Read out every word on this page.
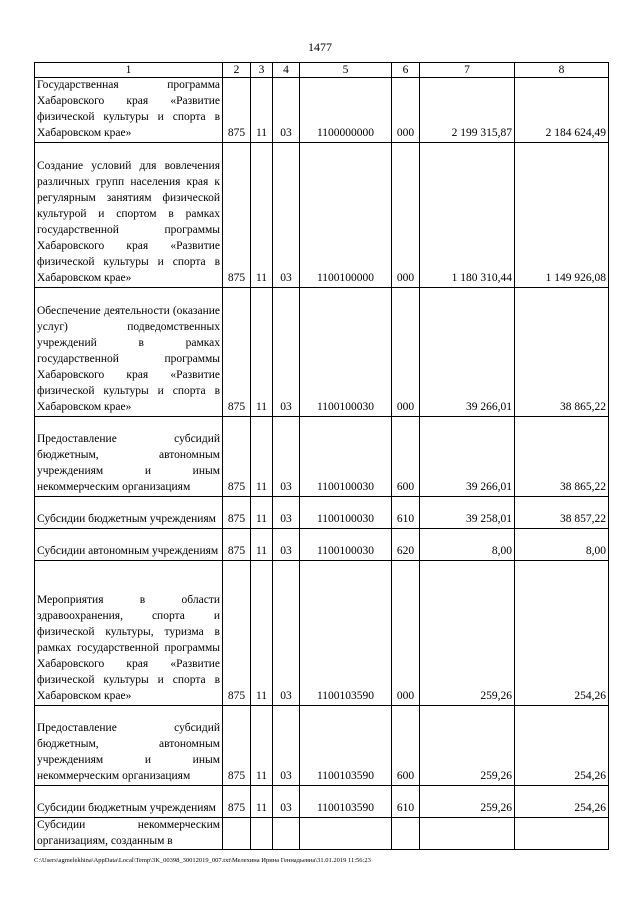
1477
1	2	3	4	5	6	7	8
Государственная программа Хабаровского края «Развитие физической культуры и спорта в Хабаровском крае»	875	11	03	1100000000	000	2 199 315,87	2 184 624,49
Создание условий для вовлечения различных групп населения края к регулярным занятиям физической культурой и спортом в рамках государственной программы Хабаровского края «Развитие физической культуры и спорта в Хабаровском крае»	875	11	03	1100100000	000	1 180 310,44	1 149 926,08
Обеспечение деятельности (оказание услуг) подведомственных учреждений в рамках государственной программы Хабаровского края «Развитие физической культуры и спорта в Хабаровском крае»	875	11	03	1100100030	000	39 266,01	38 865,22
Предоставление субсидий бюджетным, автономным учреждениям и иным некоммерческим организациям	875	11	03	1100100030	600	39 266,01	38 865,22
Субсидии бюджетным учреждениям	875	11	03	1100100030	610	39 258,01	38 857,22
Субсидии автономным учреждениям	875	11	03	1100100030	620	8,00	8,00
Мероприятия в области здравоохранения, спорта и физической культуры, туризма в рамках государственной программы Хабаровского края «Развитие физической культуры и спорта в Хабаровском крае»	875	11	03	1100103590	000	259,26	254,26
Предоставление субсидий бюджетным, автономным учреждениям и иным некоммерческим организациям	875	11	03	1100103590	600	259,26	254,26
Субсидии бюджетным учреждениям	875	11	03	1100103590	610	259,26	254,26
Субсидии некоммерческим организациям, созданным в							
C:\Users\agmelekhina\AppData\Local\Temp\3K_00398_30012019_007.txt\Мелехина Ирина Геннадьевна\31.01.2019 11:56:23
